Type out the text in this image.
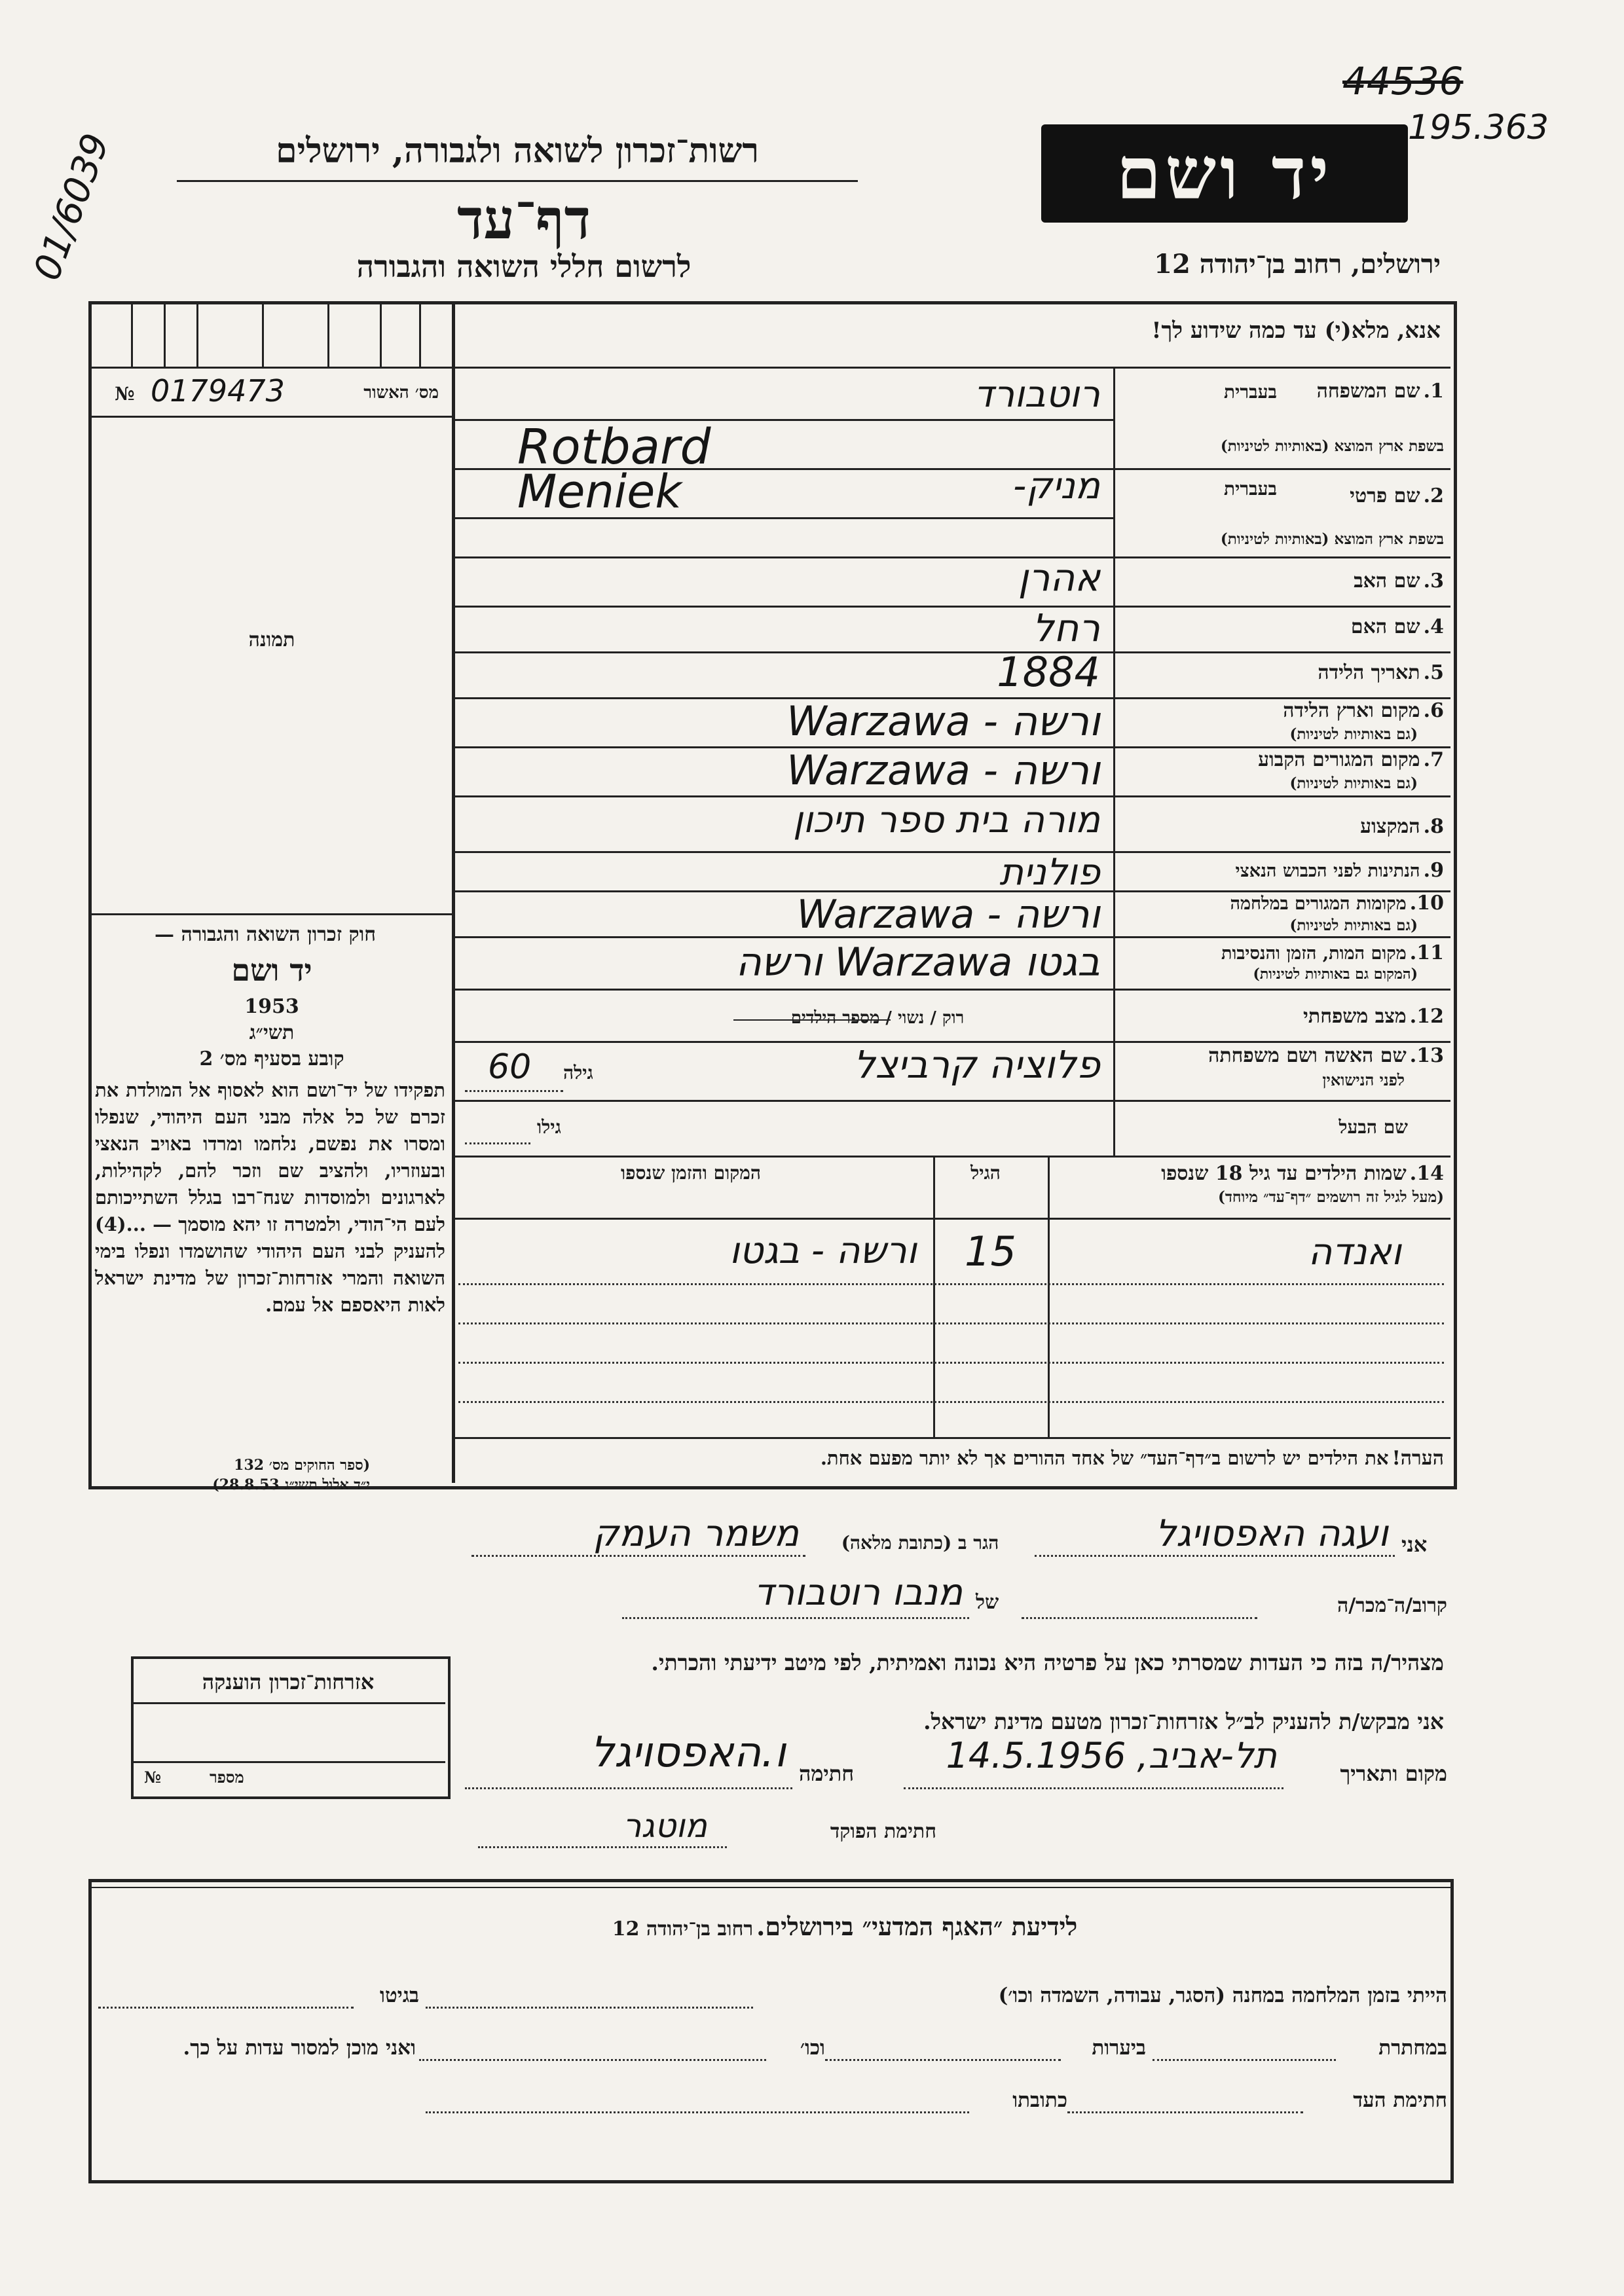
01/6039	רשות־זכרון לשואה ולגבורה, ירושלים
דף־עד
לרשום חללי השואה והגבורה
יד ושם
44536
195.363
ירושלים, רחוב בן־יהודה 12
מס׳ האשור
0179473
№
תמונה
חוק זכרון השואה והגבורה —
יד ושם
1953
תשי״ג
קובע בסעיף מס׳ 2
תפקידו של יד־ושם הוא לאסוף אל המולדת את זכרם של כל אלה מבני העם היהודי, שנפלו ומסרו את נפשם, נלחמו ומרדו באויב הנאצי ובעוזריו, ולהציב שם וזכר להם, לקהילות, לארגונים ולמוסדות שנח־רבו בגלל השתייכותם לעם הי־הודי, ולמטרה זו יהא מוסמך — ...(4) להעניק לבני העם היהודי שהושמדו ונפלו בימי השואה והמרי אזרחות־זכרון של מדינת ישראל לאות היאספם אל עמם.
(ספר החוקים מס׳ 132
י״ד אלול תשי״ג 28.8.53)
אזרחות־זכרון הוענקה
מספר
№
אנא, מלא(י) עד כמה שידוע לך!
1. שם המשפחה
בעברית
בשפת ארץ המוצא (באותיות לטיניות)
רוטבורד
Rotbard
2. שם פרטי
בעברית
בשפת ארץ המוצא (באותיות לטיניות)
מניק-
Meniek
3. שם האב
אהרן
4. שם האם
רחל
5. תאריך הלידה
1884
6. מקום וארץ הלידה
(גם באותיות לטיניות)
Warzawa - ורשה
7. מקום המגורים הקבוע
(גם באותיות לטיניות)
Warzawa - ורשה
8. המקצוע
מורה בית ספר תיכון
9. הנתינות לפני הכבוש הנאצי
פולנית
10. מקומות המגורים במלחמה
(גם באותיות לטיניות)
Warzawa - ורשה
11. מקום המות, הזמן והנסיבות
(המקום גם באותיות לטיניות)
ורשה Warzawa בגטו
12. מצב משפחתי
רוק / נשוי / מספר הילדים
13. שם האשה ושם משפחתה
לפני הנישואין
פלוציה קרביצל
גילה
60
שם הבעל
גילו
14. שמות הילדים עד גיל 18 שנספו
(מעל לגיל זה רושמים ״דף־עד״ מיוחד)
הגיל
המקום והזמן שנספו
ואנדה
15
ורשה - בגטו
הערה! את הילדים יש לרשום ב״דף־העד״ של אחד ההורים אך לא יותר מפעם אחת.
אני
ועגה האפסויגל
הגר ב (כתובת מלאה)
משמר העמק
קרוב/ה־מכר/ה
של
מנבו רוטבורד
מצהיר/ה בזה כי העדות שמסרתי כאן על פרטיה היא נכונה ואמיתית, לפי מיטב ידיעתי והכרתי.
אני מבקש/ת להעניק לב״ל אזרחות־זכרון מטעם מדינת ישראל.
מקום ותאריך
תל-אביב, 14.5.1956
חתימה
ו.האפסויגל
חתימת הפוקד
מוטגר
לידיעת ״האגף המדעי״ בירושלים. רחוב בן־יהודה 12
הייתי בזמן המלחמה במחנה (הסגר, עבודה, השמדה וכו׳)
בגיטו
במחתרת
ביערות
וכו׳
ואני מוכן למסור עדות על כך.
חתימת העד
כתובתו
